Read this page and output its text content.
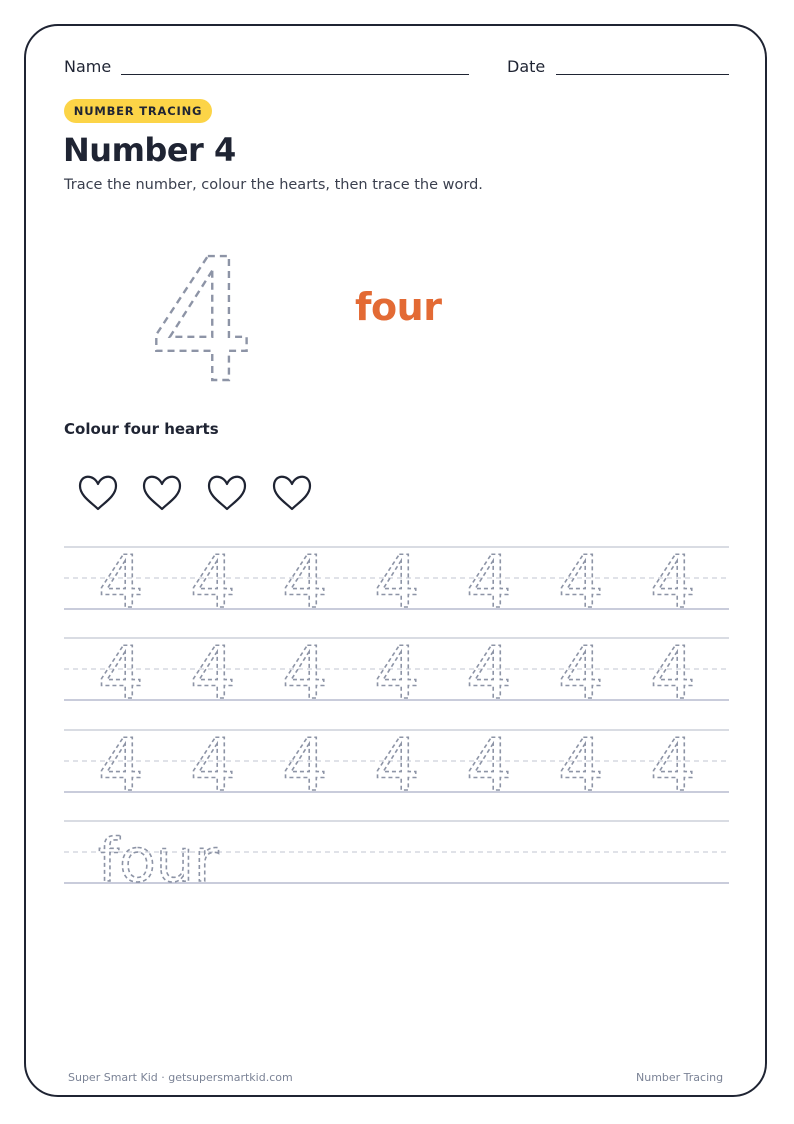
Name	Date
NUMBER TRACING
Number 4
Trace the number, colour the hearts, then trace the word.
4
4 4 4 4 4 4 4
4 4 4 4 4 4 4
4 4 4 4 4 4 4
four
four
Colour four hearts
Super Smart Kid · getsupersmartkid.com	Number Tracing
